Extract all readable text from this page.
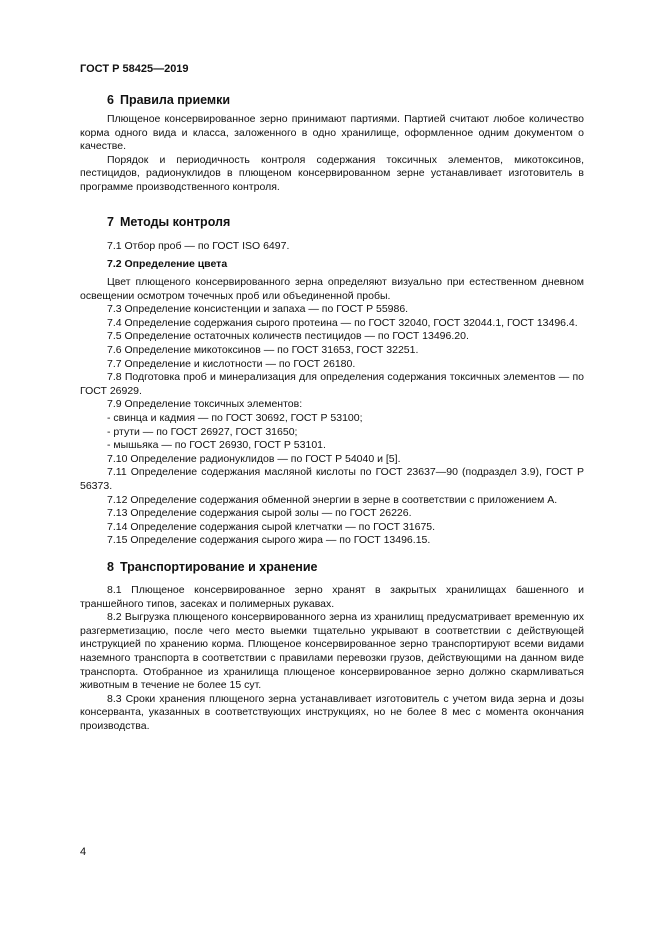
ГОСТ Р 58425—2019
6 Правила приемки

Плющеное консервированное зерно принимают партиями. Партией считают любое количество корма одного вида и класса, заложенного в одно хранилище, оформленное одним документом о качестве.

Порядок и периодичность контроля содержания токсичных элементов, микотоксинов, пестицидов, радионуклидов в плющеном консервированном зерне устанавливает изготовитель в программе производственного контроля.

7 Методы контроля

7.1 Отбор проб — по ГОСТ ISO 6497.

7.2 Определение цвета

Цвет плющеного консервированного зерна определяют визуально при естественном дневном освещении осмотром точечных проб или объединенной пробы.

7.3 Определение консистенции и запаха — по ГОСТ Р 55986.

7.4 Определение содержания сырого протеина — по ГОСТ 32040, ГОСТ 32044.1, ГОСТ 13496.4.

7.5 Определение остаточных количеств пестицидов — по ГОСТ 13496.20.

7.6 Определение микотоксинов — по ГОСТ 31653, ГОСТ 32251.

7.7 Определение и кислотности — по ГОСТ 26180.

7.8 Подготовка проб и минерализация для определения содержания токсичных элементов — по ГОСТ 26929.

7.9 Определение токсичных элементов:

- свинца и кадмия — по ГОСТ 30692, ГОСТ Р 53100;

- ртути — по ГОСТ 26927, ГОСТ 31650;

- мышьяка — по ГОСТ 26930, ГОСТ Р 53101.

7.10 Определение радионуклидов — по ГОСТ Р 54040 и [5].

7.11 Определение содержания масляной кислоты по ГОСТ 23637—90 (подраздел 3.9), ГОСТ Р 56373.

7.12 Определение содержания обменной энергии в зерне в соответствии с приложением А.

7.13 Определение содержания сырой золы — по ГОСТ 26226.

7.14 Определение содержания сырой клетчатки — по ГОСТ 31675.

7.15 Определение содержания сырого жира — по ГОСТ 13496.15.

8 Транспортирование и хранение

8.1 Плющеное консервированное зерно хранят в закрытых хранилищах башенного и траншейного типов, засеках и полимерных рукавах.

8.2 Выгрузка плющеного консервированного зерна из хранилищ предусматривает временную их разгерметизацию, после чего место выемки тщательно укрывают в соответствии с действующей инструкцией по хранению корма. Плющеное консервированное зерно транспортируют всеми видами наземного транспорта в соответствии с правилами перевозки грузов, действующими на данном виде транспорта. Отобранное из хранилища плющеное консервированное зерно должно скармливаться животным в течение не более 15 сут.

8.3 Сроки хранения плющеного зерна устанавливает изготовитель с учетом вида зерна и дозы консерванта, указанных в соответствующих инструкциях, но не более 8 мес с момента окончания производства.

4
